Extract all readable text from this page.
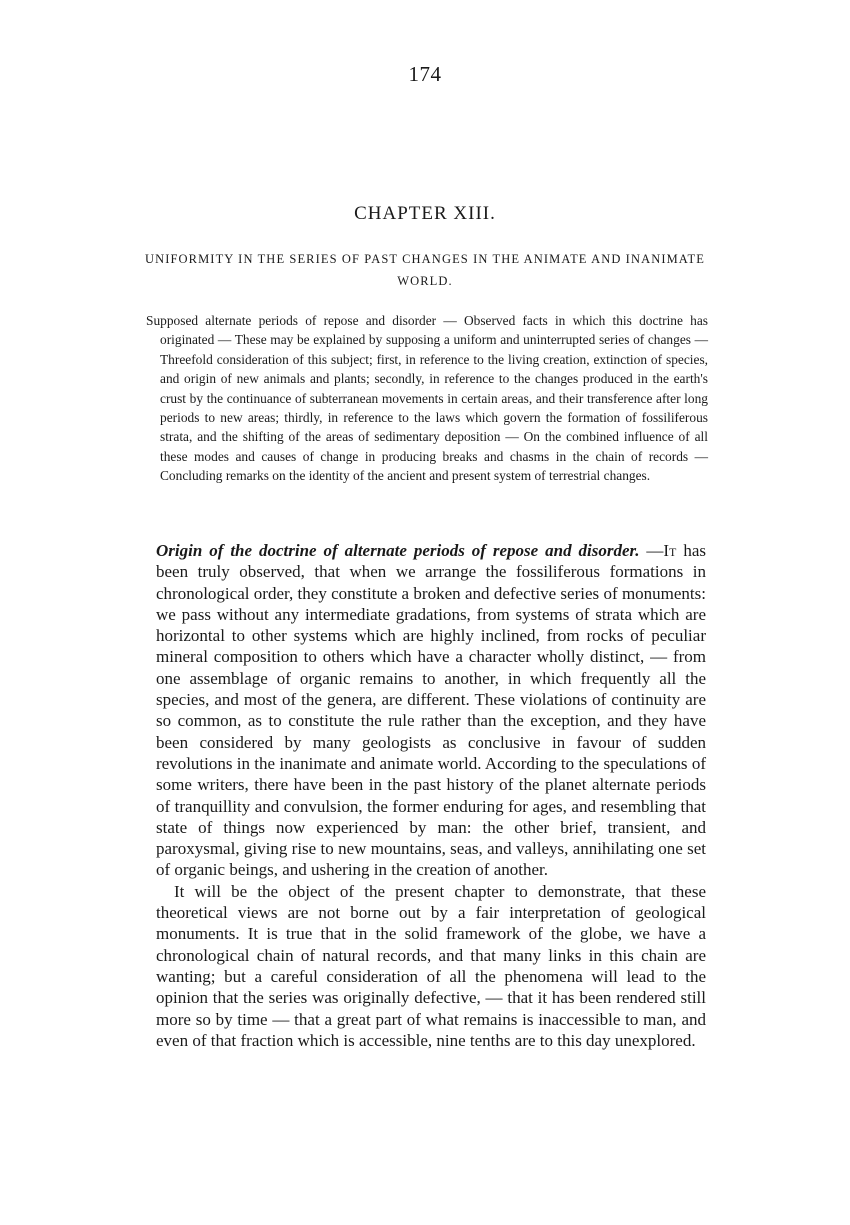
174
CHAPTER XIII.
UNIFORMITY IN THE SERIES OF PAST CHANGES IN THE ANIMATE AND INANIMATE WORLD.
Supposed alternate periods of repose and disorder — Observed facts in which this doctrine has originated — These may be explained by supposing a uniform and uninterrupted series of changes — Threefold consideration of this subject; first, in reference to the living creation, extinction of species, and origin of new animals and plants; secondly, in reference to the changes produced in the earth's crust by the continuance of subterranean movements in certain areas, and their transference after long periods to new areas; thirdly, in reference to the laws which govern the formation of fossiliferous strata, and the shifting of the areas of sedimentary deposition — On the combined influence of all these modes and causes of change in producing breaks and chasms in the chain of records — Concluding remarks on the identity of the ancient and present system of terrestrial changes.

Origin of the doctrine of alternate periods of repose and disorder. —It has been truly observed, that when we arrange the fossiliferous formations in chronological order, they constitute a broken and defective series of monuments: we pass without any intermediate gradations, from systems of strata which are horizontal to other systems which are highly inclined, from rocks of peculiar mineral composition to others which have a character wholly distinct, — from one assemblage of organic remains to another, in which frequently all the species, and most of the genera, are different. These violations of continuity are so common, as to constitute the rule rather than the exception, and they have been considered by many geologists as conclusive in favour of sudden revolutions in the inanimate and animate world. According to the speculations of some writers, there have been in the past history of the planet alternate periods of tranquillity and convulsion, the former enduring for ages, and resembling that state of things now experienced by man: the other brief, transient, and paroxysmal, giving rise to new mountains, seas, and valleys, annihilating one set of organic beings, and ushering in the creation of another.

It will be the object of the present chapter to demonstrate, that these theoretical views are not borne out by a fair interpretation of geological monuments. It is true that in the solid framework of the globe, we have a chronological chain of natural records, and that many links in this chain are wanting; but a careful consideration of all the phenomena will lead to the opinion that the series was originally defective, — that it has been rendered still more so by time — that a great part of what remains is inaccessible to man, and even of that fraction which is accessible, nine tenths are to this day unexplored.
